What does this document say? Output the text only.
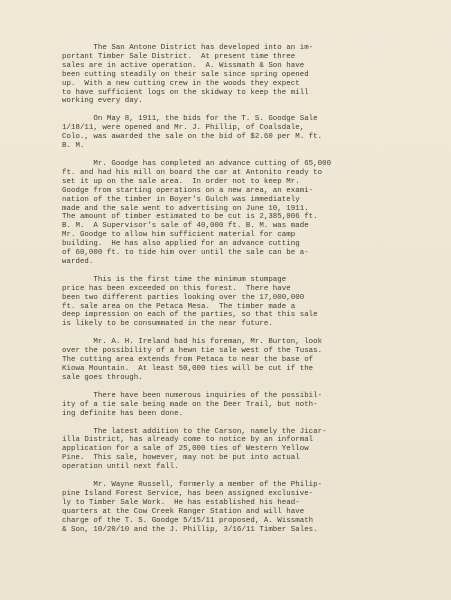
The San Antone District has developed into an im-
portant Timber Sale District.  At present time three
sales are in active operation.  A. Wissmath & Son have
been cutting steadily on their sale since spring opened
up.  With a new cutting crew in the woods they expect
to have sufficient logs on the skidway to keep the mill
working every day.
On May 8, 1911, the bids for the T. S. Goodge Sale
1/18/11, were opened and Mr. J. Phillip, of Coalsdale,
Colo., was awarded the sale on the bid of $2.60 per M. ft.
B. M.
Mr. Goodge has completed an advance cutting of 65,000
ft. and had his mill on board the car at Antonito ready to
set it up on the sale area.  In order not to keep Mr.
Goodge from starting operations on a new area, an exami-
nation of the timber in Boyer's Gulch was immediately
made and the sale went to advertising on June 10, 1911.
The amount of timber estimated to be cut is 2,385,006 ft.
B. M.  A Supervisor's sale of 40,000 ft. B. M. was made
Mr. Goodge to allow him sufficient material for camp
building.  He has also applied for an advance cutting
of 60,000 ft. to tide him over until the sale can be a-
warded.
This is the first time the minimum stumpage
price has been exceeded on this forest.  There have
been two different parties looking over the 17,000,000
ft. sale area on the Petaca Mesa.  The timber made a
deep impression on each of the parties, so that this sale
is likely to be consummated in the near future.
Mr. A. H. Ireland had his foreman, Mr. Burton, look
over the possibility of a hewn tie sale west of the Tusas.
The cutting area extends from Petaca to near the base of
Kiowa Mountain.  At least 50,000 ties will be cut if the
sale goes through.
There have been numerous inquiries of the possibil-
ity of a tie sale being made on the Deer Trail, but noth-
ing definite has been done.
The latest addition to the Carson, namely the Jicar-
illa District, has already come to notice by an informal
application for a sale of 25,000 ties of Western Yellow
Pine.  This sale, however, may not be put into actual
operation until next fall.
Mr. Wayne Russell, formerly a member of the Philip-
pine Island Forest Service, has been assigned exclusive-
ly to Timber Sale Work.  He has established his head-
quarters at the Cow Creek Ranger Station and will have
charge of the T. S. Goodge 5/15/11 proposed, A. Wissmath
& Son, 10/20/10 and the J. Phillip, 3/16/11 Timber Sales.
